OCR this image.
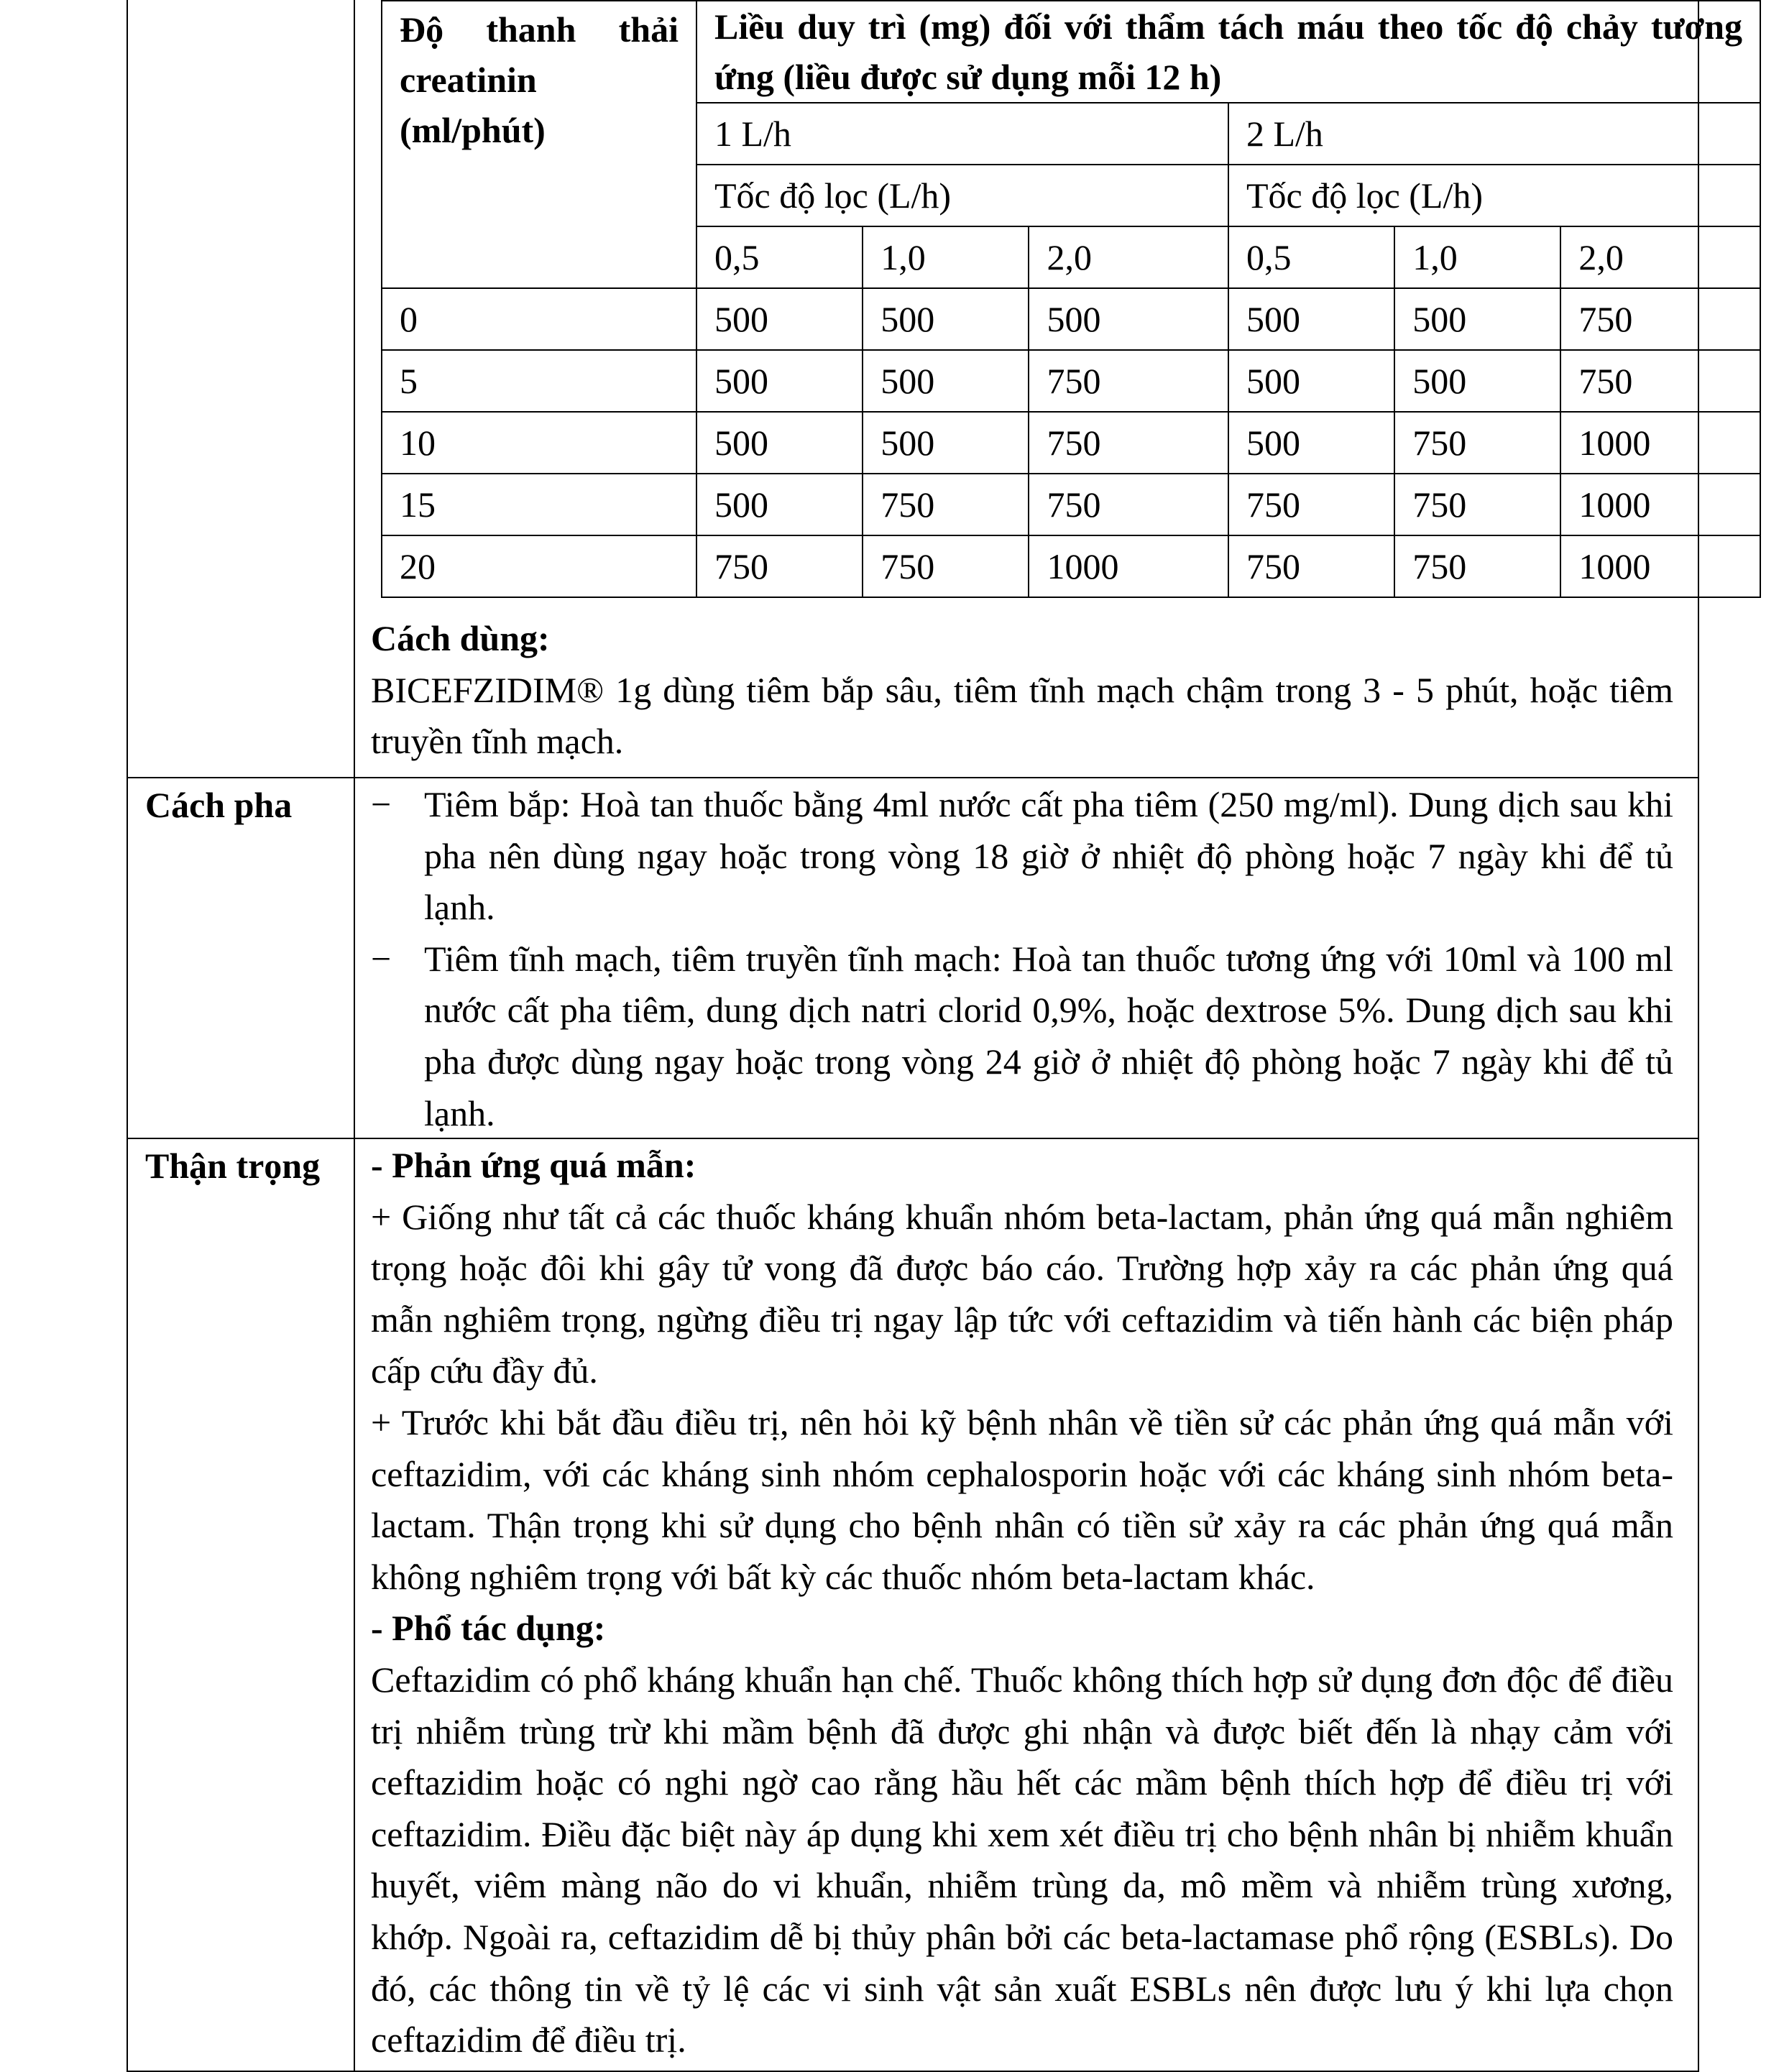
Độ thanh thải
creatinin
(ml/phút)	Liều duy trì (mg) đối với thẩm tách máu theo tốc độ chảy tương ứng (liều được sử dụng mỗi 12 h)					
	1 L/h			2 L/h		
	Tốc độ lọc (L/h)			Tốc độ lọc (L/h)		
	0,5	1,0	2,0	0,5	1,0	2,0
0	500	500	500	500	500	750
5	500	500	750	500	500	750
10	500	500	750	500	750	1000
15	500	750	750	750	750	1000
20	750	750	1000	750	750	1000
Cách dùng:
BICEFZIDIM® 1g dùng tiêm bắp sâu, tiêm tĩnh mạch chậm trong 3 - 5 phút, hoặc tiêm truyền tĩnh mạch.
Cách pha − Tiêm bắp: Hoà tan thuốc bằng 4ml nước cất pha tiêm (250 mg/ml). Dung dịch sau khi pha nên dùng ngay hoặc trong vòng 18 giờ ở nhiệt độ phòng hoặc 7 ngày khi để tủ lạnh.
− Tiêm tĩnh mạch, tiêm truyền tĩnh mạch: Hoà tan thuốc tương ứng với 10ml và 100 ml nước cất pha tiêm, dung dịch natri clorid 0,9%, hoặc dextrose 5%. Dung dịch sau khi pha được dùng ngay hoặc trong vòng 24 giờ ở nhiệt độ phòng hoặc 7 ngày khi để tủ lạnh.
Thận trọng - Phản ứng quá mẫn:
+ Giống như tất cả các thuốc kháng khuẩn nhóm beta-lactam, phản ứng quá mẫn nghiêm trọng hoặc đôi khi gây tử vong đã được báo cáo. Trường hợp xảy ra các phản ứng quá mẫn nghiêm trọng, ngừng điều trị ngay lập tức với ceftazidim và tiến hành các biện pháp cấp cứu đầy đủ.
+ Trước khi bắt đầu điều trị, nên hỏi kỹ bệnh nhân về tiền sử các phản ứng quá mẫn với ceftazidim, với các kháng sinh nhóm cephalosporin hoặc với các kháng sinh nhóm beta-lactam. Thận trọng khi sử dụng cho bệnh nhân có tiền sử xảy ra các phản ứng quá mẫn không nghiêm trọng với bất kỳ các thuốc nhóm beta-lactam khác.
- Phổ tác dụng:
Ceftazidim có phổ kháng khuẩn hạn chế. Thuốc không thích hợp sử dụng đơn độc để điều trị nhiễm trùng trừ khi mầm bệnh đã được ghi nhận và được biết đến là nhạy cảm với ceftazidim hoặc có nghi ngờ cao rằng hầu hết các mầm bệnh thích hợp để điều trị với ceftazidim. Điều đặc biệt này áp dụng khi xem xét điều trị cho bệnh nhân bị nhiễm khuẩn huyết, viêm màng não do vi khuẩn, nhiễm trùng da, mô mềm và nhiễm trùng xương, khớp. Ngoài ra, ceftazidim dễ bị thủy phân bởi các beta-lactamase phổ rộng (ESBLs). Do đó, các thông tin về tỷ lệ các vi sinh vật sản xuất ESBLs nên được lưu ý khi lựa chọn ceftazidim để điều trị.
